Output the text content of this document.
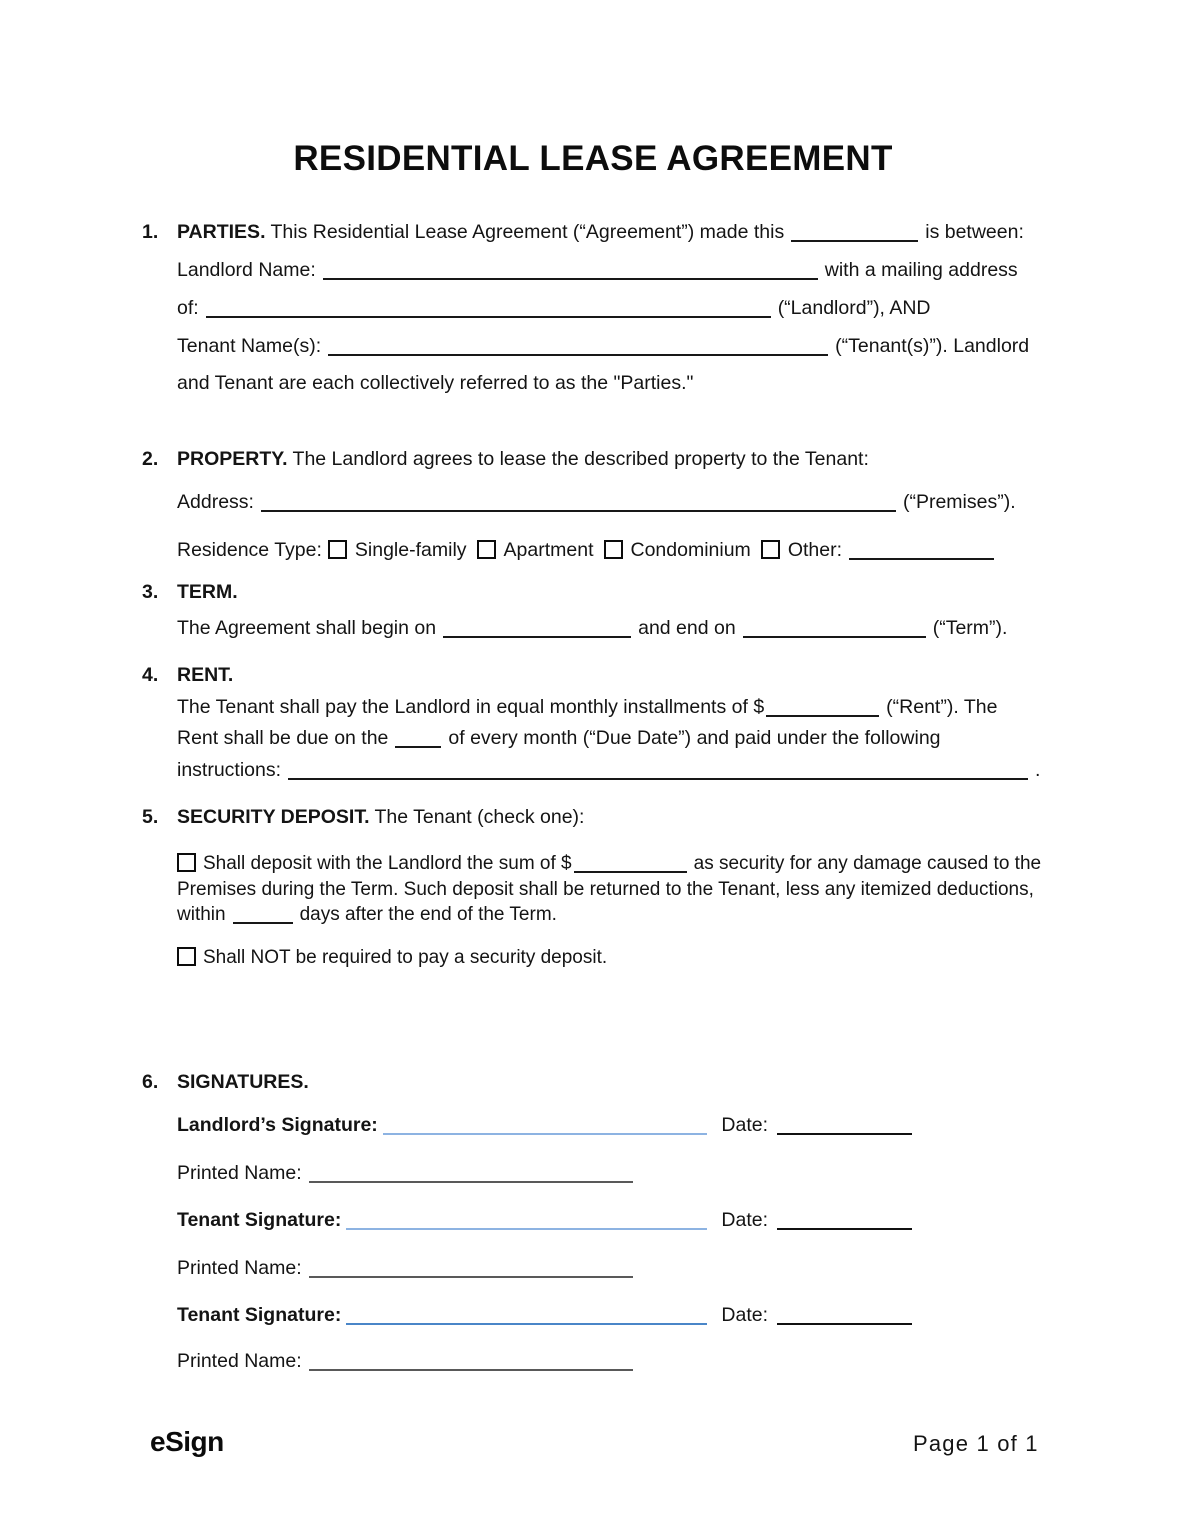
RESIDENTIAL LEASE AGREEMENT
1. PARTIES. This Residential Lease Agreement (“Agreement”) made this	is between:
Landlord Name:	with a mailing address
of:	(“Landlord”), AND
Tenant Name(s):	(“Tenant(s)”). Landlord
and Tenant are each collectively referred to as the "Parties."
2. PROPERTY. The Landlord agrees to lease the described property to the Tenant:
Address:	(“Premises”).
Residence Type: Single-family Apartment Condominium Other:
3. TERM.
The Agreement shall begin on	and end on	(“Term”).
4. RENT.
The Tenant shall pay the Landlord in equal monthly installments of $	(“Rent”). The
Rent shall be due on the	of every month (“Due Date”) and paid under the following
instructions:	.
5. SECURITY DEPOSIT. The Tenant (check one):
Shall deposit with the Landlord the sum of $	as security for any damage caused to the Premises during the Term. Such deposit shall be returned to the Tenant, less any itemized deductions, within	days after the end of the Term.
Shall NOT be required to pay a security deposit.
6. SIGNATURES.
Landlord’s Signature:	Date:
Printed Name:
Tenant Signature:	Date:
Printed Name:
Tenant Signature:	Date:
Printed Name:
eSign	Page 1 of 1
